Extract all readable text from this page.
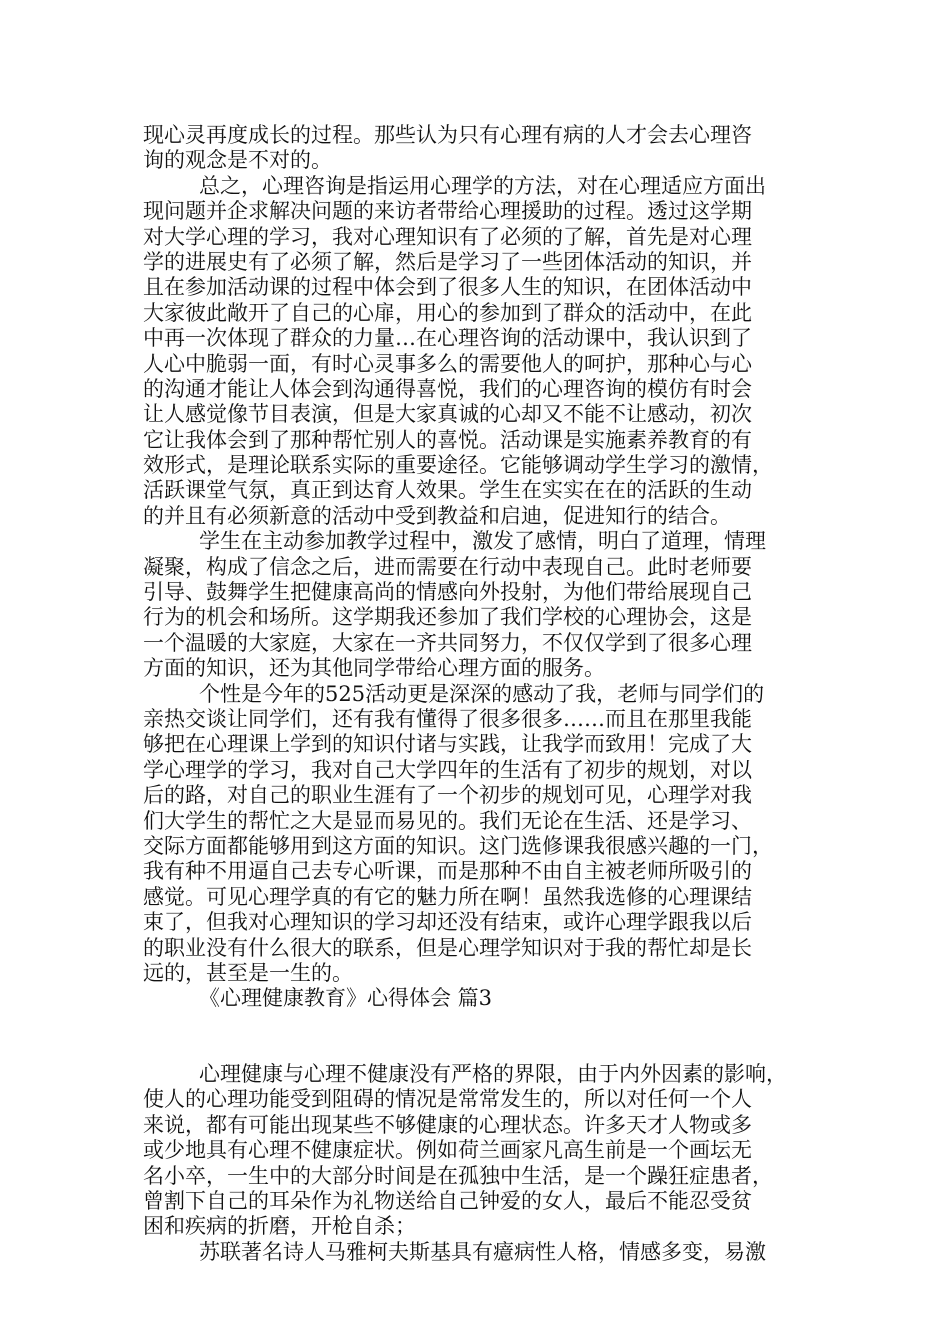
现心灵再度成长的过程。那些认为只有心理有病的人才会去心理咨
询的观念是不对的。
总之，心理咨询是指运用心理学的方法，对在心理适应方面出
现问题并企求解决问题的来访者带给心理援助的过程。透过这学期
对大学心理的学习，我对心理知识有了必须的了解，首先是对心理
学的进展史有了必须了解，然后是学习了一些团体活动的知识，并
且在参加活动课的过程中体会到了很多人生的知识，在团体活动中
大家彼此敞开了自己的心扉，用心的参加到了群众的活动中，在此
中再一次体现了群众的力量…在心理咨询的活动课中，我认识到了
人心中脆弱一面，有时心灵事多么的需要他人的呵护，那种心与心
的沟通才能让人体会到沟通得喜悦，我们的心理咨询的模仿有时会
让人感觉像节目表演，但是大家真诚的心却又不能不让感动，初次
它让我体会到了那种帮忙别人的喜悦。活动课是实施素养教育的有
效形式，是理论联系实际的重要途径。它能够调动学生学习的激情，
活跃课堂气氛，真正到达育人效果。学生在实实在在的活跃的生动
的并且有必须新意的活动中受到教益和启迪，促进知行的结合。
学生在主动参加教学过程中，激发了感情，明白了道理，情理
凝聚，构成了信念之后，进而需要在行动中表现自己。此时老师要
引导、鼓舞学生把健康高尚的情感向外投射，为他们带给展现自己
行为的机会和场所。这学期我还参加了我们学校的心理协会，这是
一个温暖的大家庭，大家在一齐共同努力，不仅仅学到了很多心理
方面的知识，还为其他同学带给心理方面的服务。
个性是今年的525活动更是深深的感动了我，老师与同学们的
亲热交谈让同学们，还有我有懂得了很多很多……而且在那里我能
够把在心理课上学到的知识付诸与实践，让我学而致用！完成了大
学心理学的学习，我对自己大学四年的生活有了初步的规划，对以
后的路，对自己的职业生涯有了一个初步的规划可见，心理学对我
们大学生的帮忙之大是显而易见的。我们无论在生活、还是学习、
交际方面都能够用到这方面的知识。这门选修课我很感兴趣的一门，
我有种不用逼自己去专心听课，而是那种不由自主被老师所吸引的
感觉。可见心理学真的有它的魅力所在啊！虽然我选修的心理课结
束了，但我对心理知识的学习却还没有结束，或许心理学跟我以后
的职业没有什么很大的联系，但是心理学知识对于我的帮忙却是长
远的，甚至是一生的。
《心理健康教育》心得体会 篇3
心理健康与心理不健康没有严格的界限，由于内外因素的影响，
使人的心理功能受到阻碍的情况是常常发生的，所以对任何一个人
来说，都有可能出现某些不够健康的心理状态。许多天才人物或多
或少地具有心理不健康症状。例如荷兰画家凡高生前是一个画坛无
名小卒，一生中的大部分时间是在孤独中生活，是一个躁狂症患者，
曾割下自己的耳朵作为礼物送给自己钟爱的女人，最后不能忍受贫
困和疾病的折磨，开枪自杀；
苏联著名诗人马雅柯夫斯基具有癔病性人格，情感多变，易激
